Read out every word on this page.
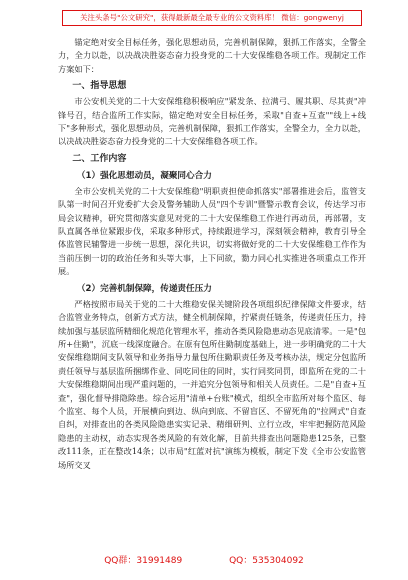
关注头条号"公文研究"，获得最新最全最专业的公文资料库！ 微信：gongwenyj

锚定绝对安全目标任务，强化思想动员，完善机制保障，狠抓工作落实，全警全力，全力以赴，以决战决胜姿态奋力投身党的二十大安保维稳各项工作。现制定工作方案如下：

一、指导思想

市公安机关党的二十大安保维稳积极响应"紧发条、拉满弓、履其职、尽其责"冲锋号召，结合监所工作实际，锚定绝对安全目标任务，采取"自查+互查""线上+线下"多种形式，强化思想动员，完善机制保障，狠抓工作落实，全警全力，全力以赴，以决战决胜姿态奋力投身党的二十大安保维稳各项工作。

二、工作内容
（1）强化思想动员，凝聚同心合力

全市公安机关党的二十大安保维稳"明职责担使命抓落实"部署推进会后，监管支队第一时间召开党委扩大会及警务辅助人员"四个专训"暨警示教育会议，传达学习市局会议精神，研究贯彻落实意见对党的二十大安保维稳工作进行再动员，再部署，支队直属各单位紧跟步伐，采取多种形式，持续跟进学习，深刻领会精神，教育引导全体监管民辅警进一步统一思想，深化共识，切实将做好党的二十大安保维稳工作作为当前压倒一切的政治任务和头等大事，上下同欲，勠力同心扎实推进各项重点工作开展。

（2）完善机制保障，传递责任压力

严格按照市局关于党的二十大维稳安保关键阶段各项组织纪律保障文件要求，结合监管业务特点，创新方式方法，健全机制保障，拧紧责任链条，传递责任压力，持续加强与基层监所精细化规范化管理水平，推动各类风险隐患动态见底清零。一是"包所+住勤"，沉底一线深度融合。在原有包所住勤制度基础上，进一步明确党的二十大安保维稳期间支队领导和业务指导力量包所住勤职责任务及考核办法，规定分包监所责任领导与基层监所捆绑作业、同吃同住的同时，实行同奖同罚，即监所在党的二十大安保维稳期间出现严重问题的，一并追究分包领导和相关人员责任。二是"自查+互查"，强化督导排隐除患。综合运用"清单+台账"模式，组织全市监所对每个监区、每个监室、每个人员，开展横向到边、纵向到底、不留盲区、不留死角的"拉网式"自查自纠，对排查出的各类风险隐患实实记录、精细研判、立行立改，牢牢把握防范风险隐患的主动权，动态实现各类风险的有效化解，目前共排查出问题隐患125条，已整改111条，正在整改14条；以市局"红蓝对抗"演练为模板，制定下发《全市公安监管场所交叉

QQ群：31991489	QQ：535304092
